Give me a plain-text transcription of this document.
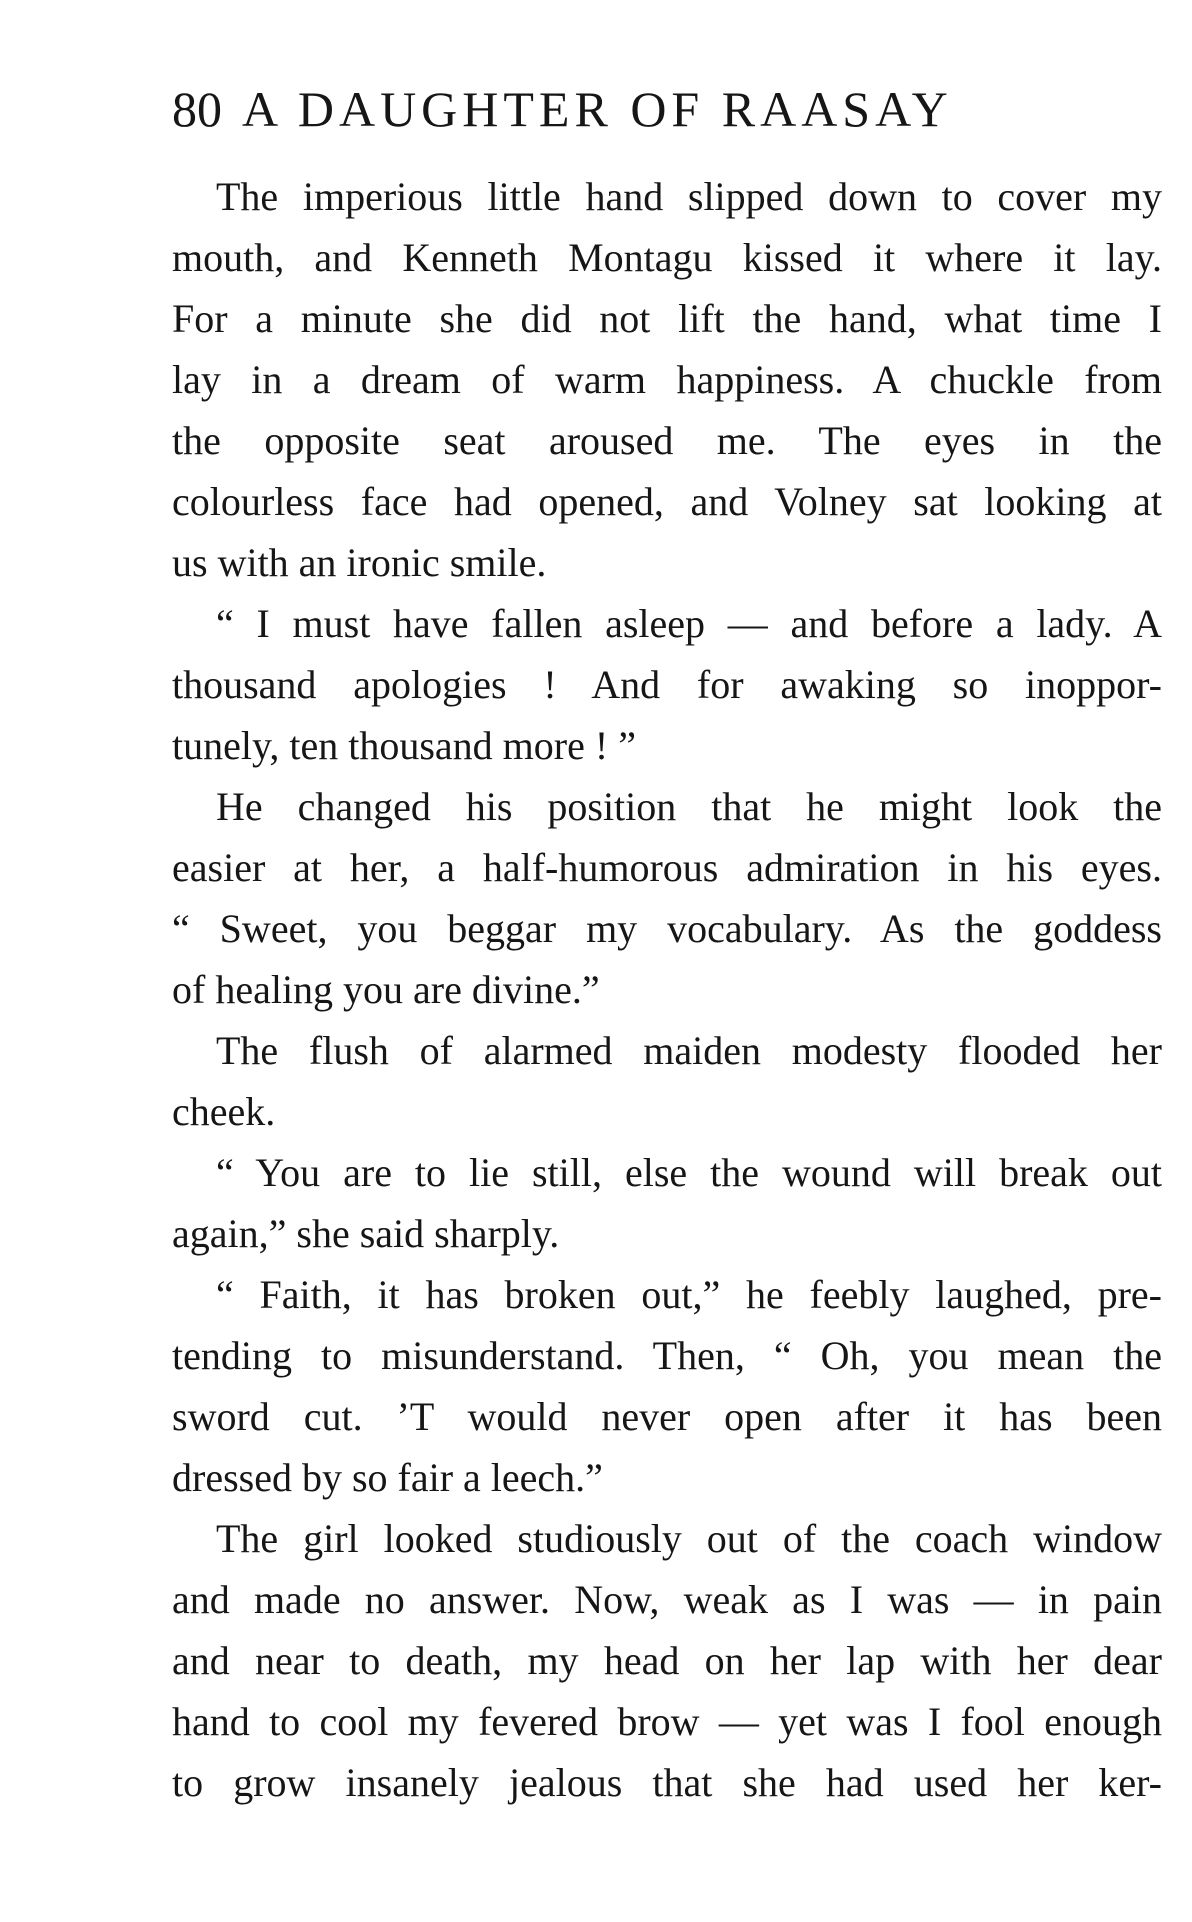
80 A DAUGHTER OF RAASAY
The imperious little hand slipped down to cover my
mouth, and Kenneth Montagu kissed it where it lay.
For a minute she did not lift the hand, what time I
lay in a dream of warm happiness. A chuckle from
the opposite seat aroused me. The eyes in the
colourless face had opened, and Volney sat looking at
us with an ironic smile.
“ I must have fallen asleep — and before a lady. A
thousand apologies ! And for awaking so inoppor-
tunely, ten thousand more ! ”
He changed his position that he might look the
easier at her, a half-humorous admiration in his eyes.
“ Sweet, you beggar my vocabulary. As the goddess
of healing you are divine.”
The flush of alarmed maiden modesty flooded her
cheek.
“ You are to lie still, else the wound will break out
again,” she said sharply.
“ Faith, it has broken out,” he feebly laughed, pre-
tending to misunderstand. Then, “ Oh, you mean the
sword cut. ’T would never open after it has been
dressed by so fair a leech.”
The girl looked studiously out of the coach window
and made no answer. Now, weak as I was — in pain
and near to death, my head on her lap with her dear
hand to cool my fevered brow — yet was I fool enough
to grow insanely jealous that she had used her ker-
